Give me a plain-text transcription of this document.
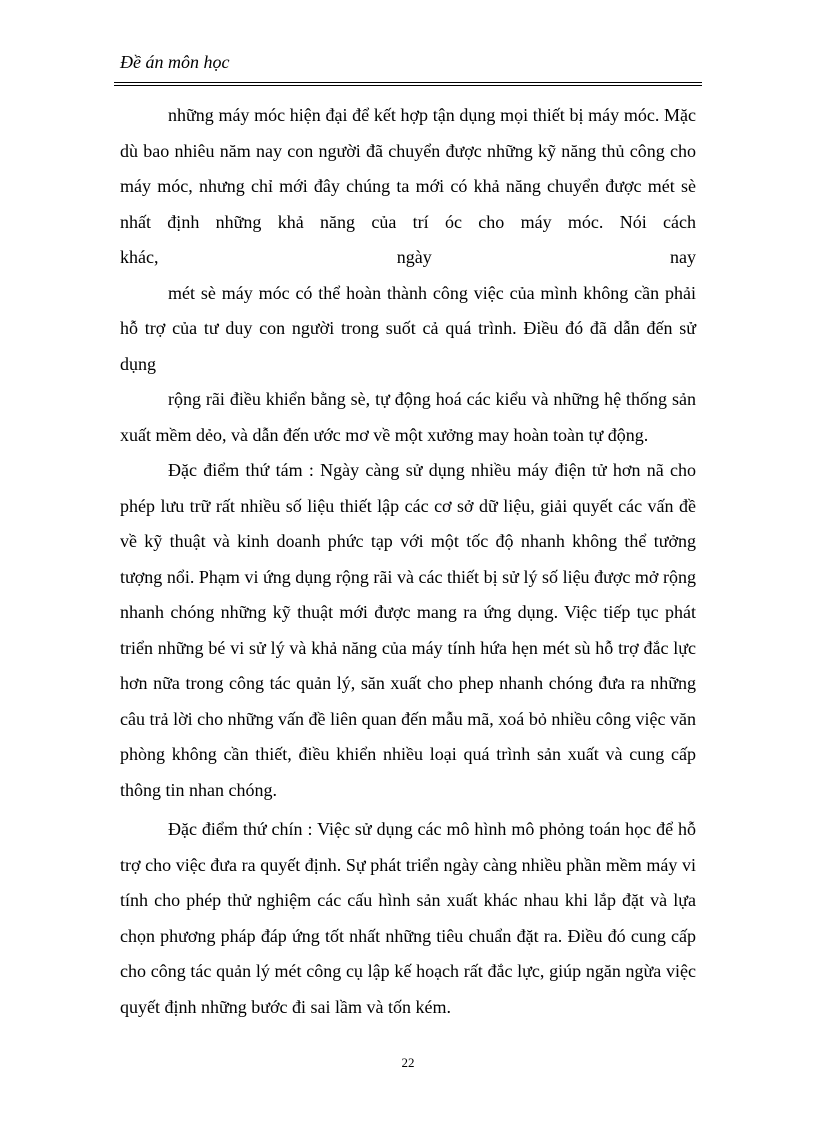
Đề án môn học

những máy móc hiện đại để kết hợp tận dụng mọi thiết bị máy móc. Mặc dù bao nhiêu năm nay con người đã chuyển được những kỹ năng thủ công cho máy móc, nhưng chỉ mới đây chúng ta mới có khả năng chuyển được mét sè nhất định những khả năng của trí óc cho máy móc. Nói cách

khác, ngày nay

mét sè máy móc có thể hoàn thành công việc của mình không cần phải hỗ trợ của tư duy con người trong suốt cả quá trình. Điều đó đã dẫn đến sử dụng

rộng rãi điều khiển bằng sè, tự động hoá các kiểu và những hệ thống sản xuất mềm dẻo, và dẫn đến ước mơ về một xưởng may hoàn toàn tự động.

Đặc điểm thứ tám : Ngày càng sử dụng nhiều máy điện tử hơn nã cho phép lưu trữ rất nhiều số liệu thiết lập các cơ sở dữ liệu, giải quyết các vấn đề về kỹ thuật và kinh doanh phức tạp với một tốc độ nhanh không thể tưởng tượng nổi. Phạm vi ứng dụng rộng rãi và các thiết bị sử lý số liệu được mở rộng nhanh chóng những kỹ thuật mới được mang ra ứng dụng. Việc tiếp tục phát triển những bé vi sử lý và khả năng của máy tính hứa hẹn mét sù hỗ trợ đắc lực hơn nữa trong công tác quản lý, săn xuất cho phep nhanh chóng đưa ra những câu trả lời cho những vấn đề liên quan đến mẫu mã, xoá bỏ nhiều công việc văn phòng không cần thiết, điều khiển nhiều loại quá trình sản xuất và cung cấp thông tin nhan chóng.

Đặc điểm thứ chín : Việc sử dụng các mô hình mô phỏng toán học để hỗ trợ cho việc đưa ra quyết định. Sự phát triển ngày càng nhiều phần mềm máy vi tính cho phép thử nghiệm các cấu hình sản xuất khác nhau khi lắp đặt và lựa chọn phương pháp đáp ứng tốt nhất những tiêu chuẩn đặt ra. Điều đó cung cấp cho công tác quản lý mét công cụ lập kế hoạch rất đắc lực, giúp ngăn ngừa việc quyết định những bước đi sai lầm và tốn kém.

22
